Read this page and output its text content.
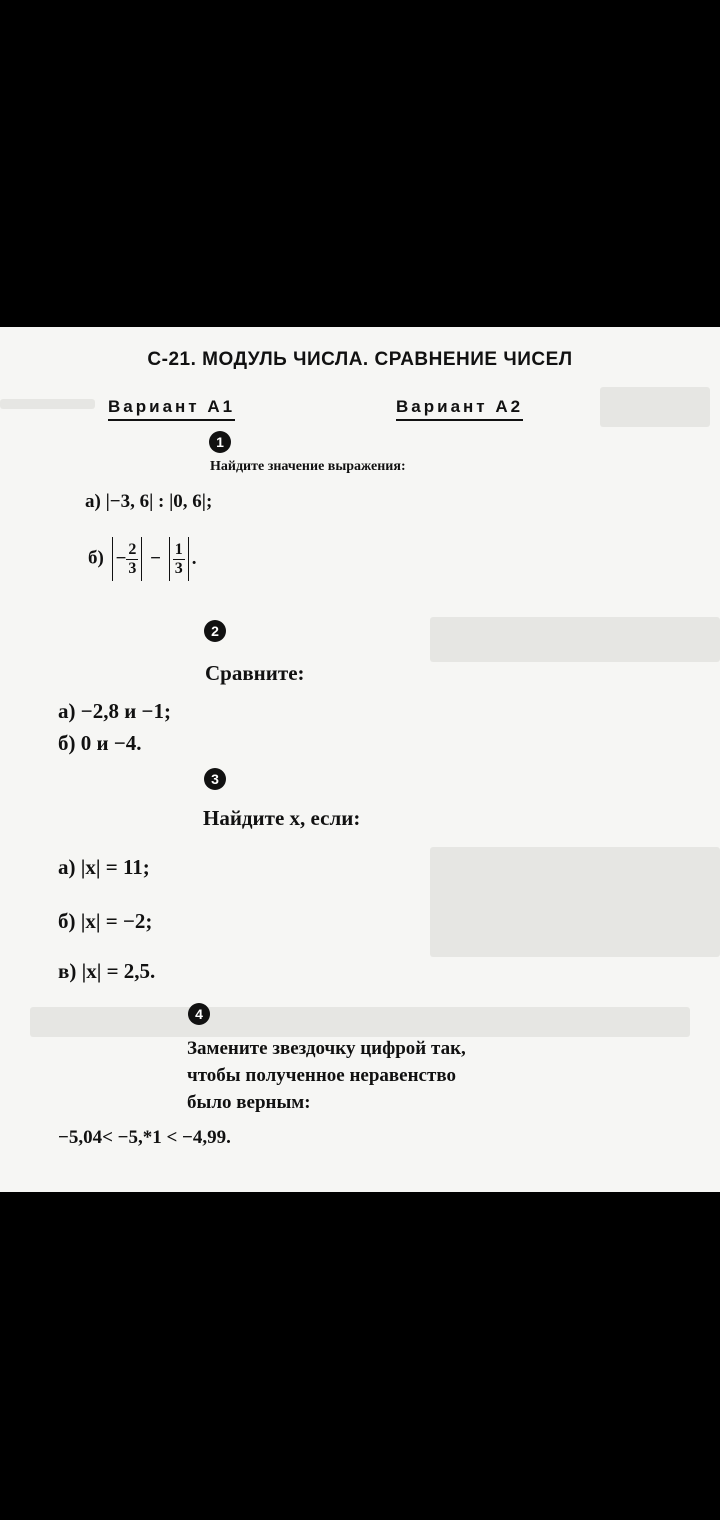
С-21. МОДУЛЬ ЧИСЛА. СРАВНЕНИЕ ЧИСЕЛ
Вариант А1	Вариант А2
1
Найдите значение выражения:
а) |−3, 6| : |0, 6|;
$б) - \frac{2}{3} - \frac{1}{3}$ .
2
Сравните:
а) −2,8 и −1;
б) 0 и −4.
3
Найдите x, если:
а) |x| = 11;
б) |x| = −2;
в) |x| = 2,5.
4
Замените звездочку цифрой так,
чтобы полученное неравенство
было верным:
−5,04< −5,*1 < −4,99.
